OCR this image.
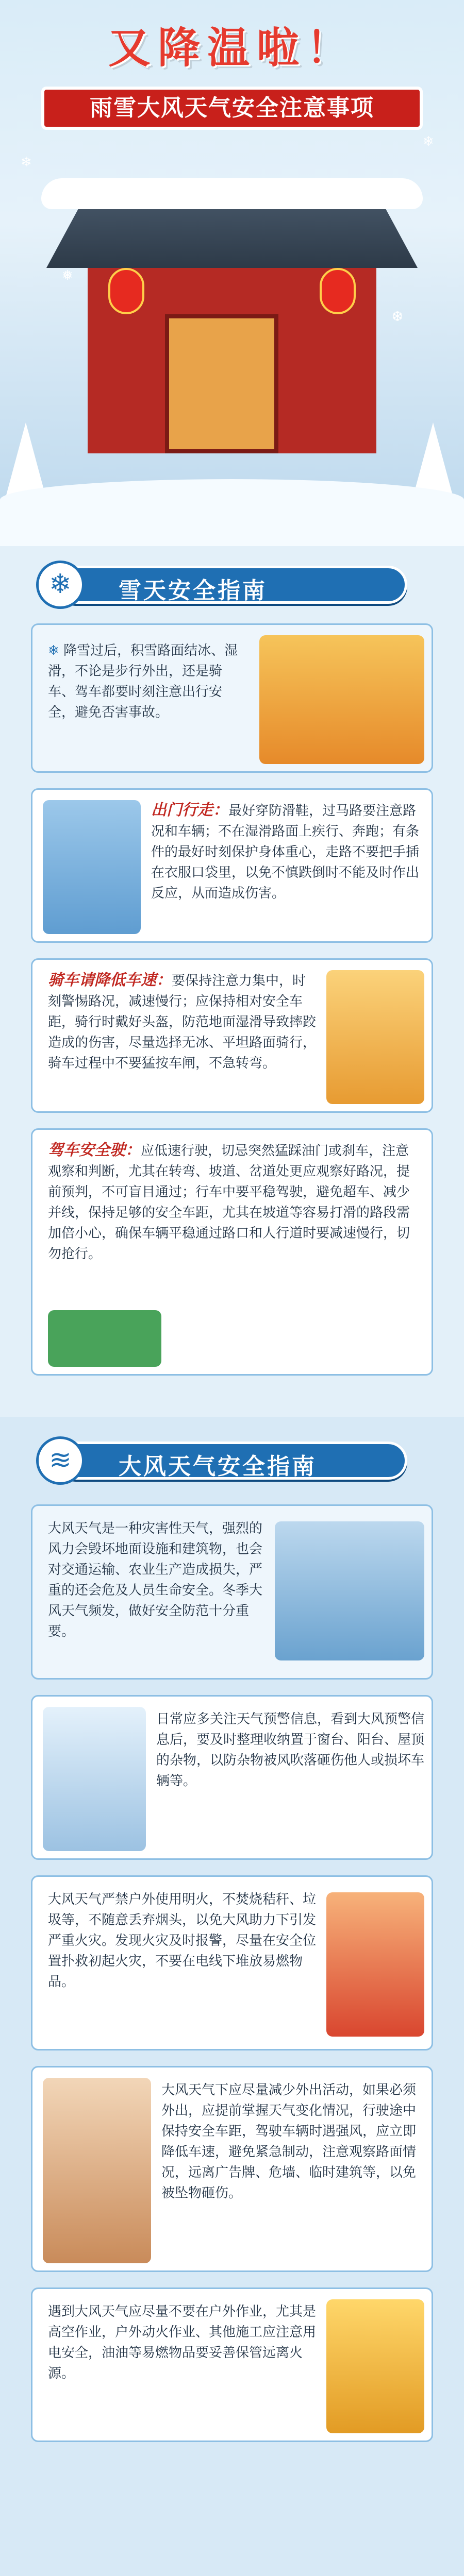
❄
❄
❅
❆
又降温啦！
雨雪大风天气安全注意事项
❄	雪天安全指南

❄ 降雪过后，积雪路面结冰、湿滑，不论是步行外出，还是骑车、驾车都要时刻注意出行安全，避免否害事故。

出门行走：最好穿防滑鞋，过马路要注意路况和车辆；不在湿滑路面上疾行、奔跑；有条件的最好时刻保护身体重心，走路不要把手插在衣服口袋里，以免不慎跌倒时不能及时作出反应，从而造成伤害。

骑车请降低车速：要保持注意力集中，时刻警惕路况，减速慢行；应保持相对安全车距，骑行时戴好头盔，防范地面湿滑导致摔跤造成的伤害，尽量选择无冰、平坦路面骑行，骑车过程中不要猛按车闸，不急转弯。

驾车安全驶：应低速行驶，切忌突然猛踩油门或刹车，注意观察和判断，尤其在转弯、坡道、岔道处更应观察好路况，提前预判，不可盲目通过；行车中要平稳驾驶，避免超车、减少并线，保持足够的安全车距，尤其在坡道等容易打滑的路段需加倍小心，确保车辆平稳通过路口和人行道时要减速慢行，切勿抢行。

≋	大风天气安全指南

大风天气是一种灾害性天气，强烈的风力会毁坏地面设施和建筑物，也会对交通运输、农业生产造成损失，严重的还会危及人员生命安全。冬季大风天气频发，做好安全防范十分重要。

日常应多关注天气预警信息，看到大风预警信息后，要及时整理收纳置于窗台、阳台、屋顶的杂物，以防杂物被风吹落砸伤他人或损坏车辆等。

大风天气严禁户外使用明火，不焚烧秸秆、垃圾等，不随意丢弃烟头，以免大风助力下引发严重火灾。发现火灾及时报警，尽量在安全位置扑救初起火灾，不要在电线下堆放易燃物品。

大风天气下应尽量减少外出活动，如果必须外出，应提前掌握天气变化情况，行驶途中保持安全车距，驾驶车辆时遇强风，应立即降低车速，避免紧急制动，注意观察路面情况，远离广告牌、危墙、临时建筑等，以免被坠物砸伤。

遇到大风天气应尽量不要在户外作业，尤其是高空作业，户外动火作业、其他施工应注意用电安全，油油等易燃物品要妥善保管远离火源。
